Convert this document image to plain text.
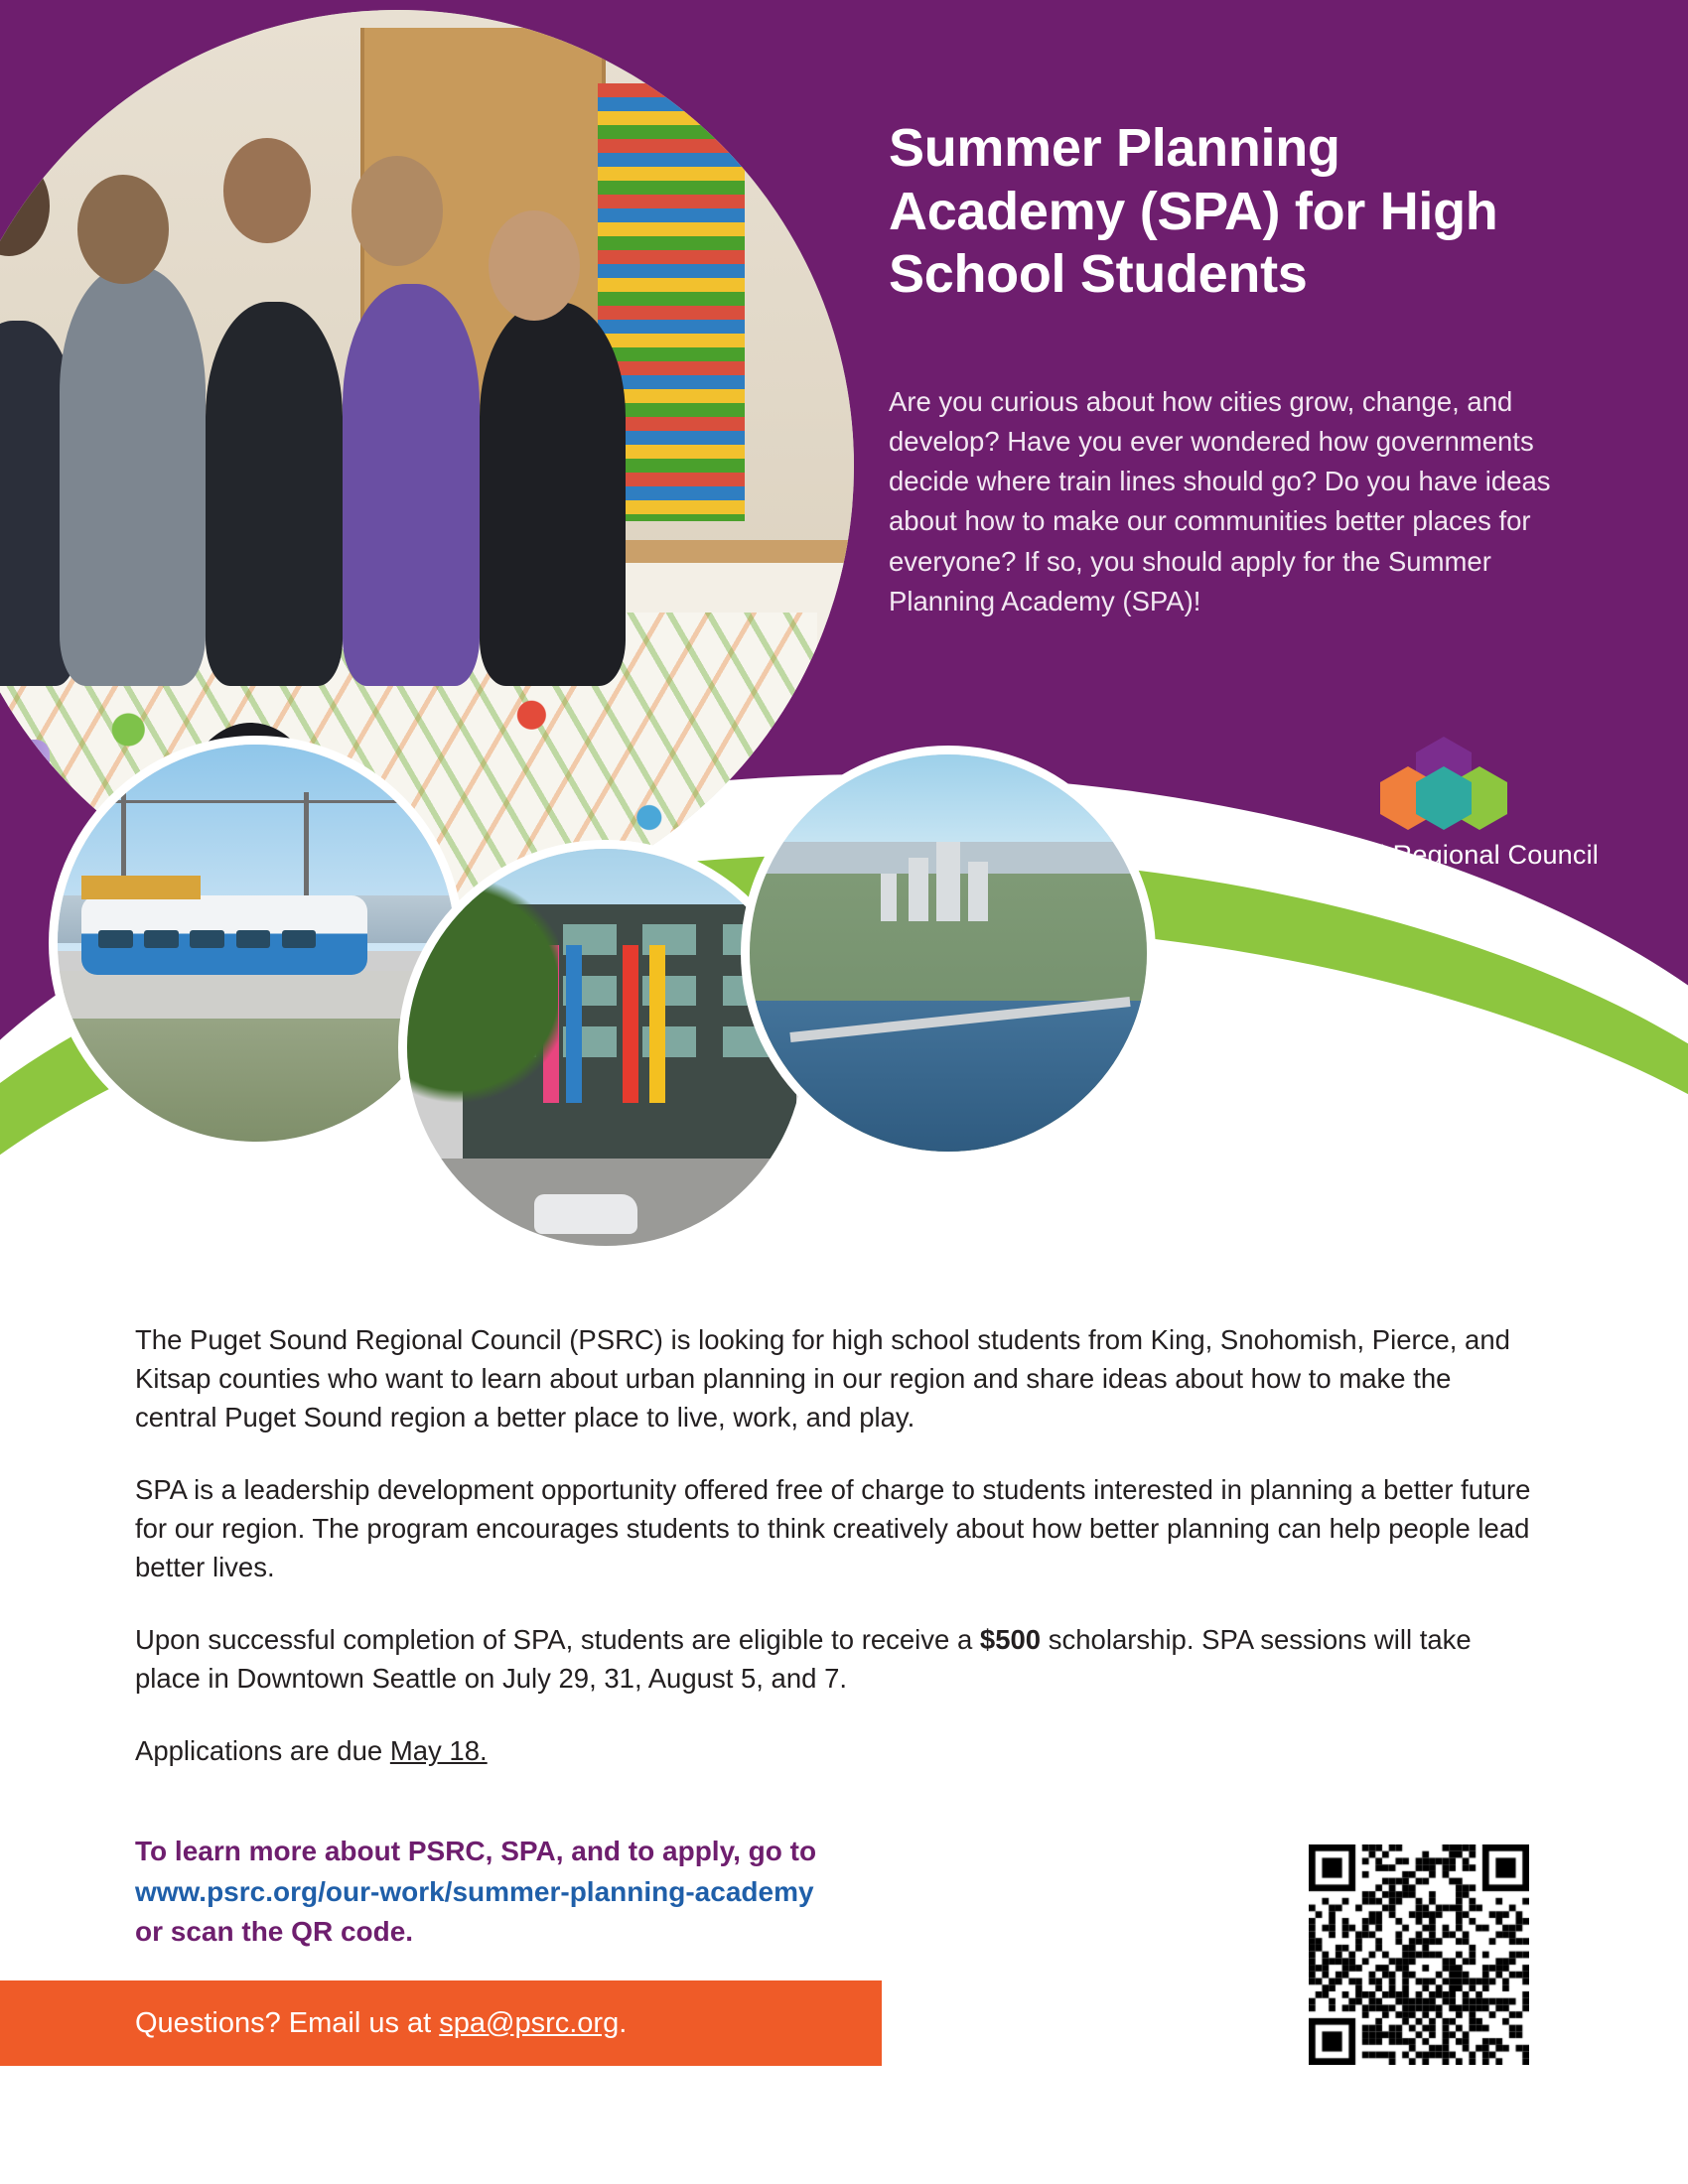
Summer Planning Academy (SPA) for High School Students
Are you curious about how cities grow, change, and develop? Have you ever wondered how governments decide where train lines should go? Do you have ideas about how to make our communities better places for everyone? If so, you should apply for the Summer Planning Academy (SPA)!
Puget Sound Regional Council

The Puget Sound Regional Council (PSRC) is looking for high school students from King, Snohomish, Pierce, and Kitsap counties who want to learn about urban planning in our region and share ideas about how to make the central Puget Sound region a better place to live, work, and play.

SPA is a leadership development opportunity offered free of charge to students interested in planning a better future for our region. The program encourages students to think creatively about how better planning can help people lead better lives.

Upon successful completion of SPA, students are eligible to receive a $500 scholarship. SPA sessions will take place in Downtown Seattle on July 29, 31, August 5, and 7.

Applications are due May 18.

To learn more about PSRC, SPA, and to apply, go to
www.psrc.org/our-work/summer-planning-academy
or scan the QR code.
Questions? Email us at spa@psrc.org.
